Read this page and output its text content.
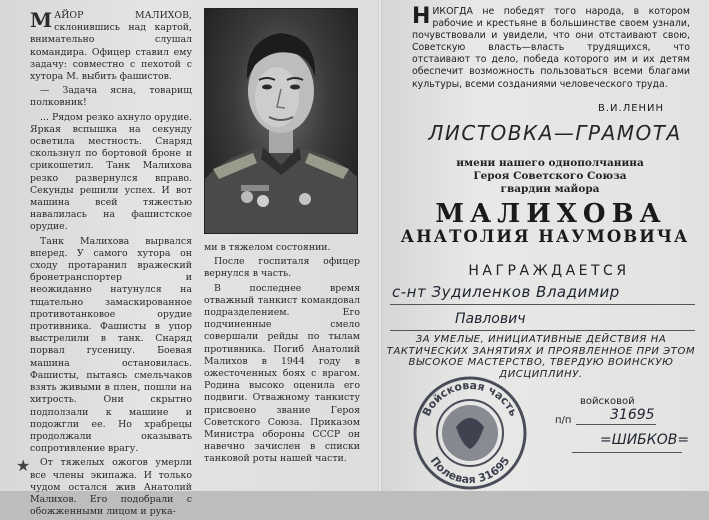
МАЙОР МАЛИХОВ, склонившись над картой, внимательно слушал командира. Офицер ставил ему задачу: совместно с пехотой с хутора М. выбить фашистов.

— Задача ясна, товарищ полковник!

... Рядом резко ахнуло орудие. Яркая вспышка на секунду осветила местность. Снаряд скользнул по бортовой броне и срикошетил. Танк Малихова резко развернулся вправо. Секунды решили успех. И вот машина всей тяжестью навалилась на фашистское орудие.

Танк Малихова вырвался вперед. У самого хутора он сходу протаранил вражеский бронетранспортер и неожиданно натунулся на тщательно замаскированное противотанковое орудие противника. Фашисты в упор выстрелили в танк. Снаряд порвал гусеницу. Боевая машина остановилась. Фашисты, пытаясь смельчаков взять живыми в плен, пошли на хитрость. Они скрытно подползали к машине и подожгли ее. Но храбрецы продолжали оказывать сопротивление врагу.

От тяжелых ожогов умерли все члены экипажа. И только чудом остался жив Анатолий Малихов. Его подобрали с обожженными лицом и рука-

ми в тяжелом состоянии.

После госпиталя офицер вернулся в часть.

В последнее время отважный танкист командовал подразделением. Его подчиненные смело совершали рейды по тылам противника. Погиб Анатолий Малихов в 1944 году в ожесточенных боях с врагом. Родина высоко оценила его подвиги. Отважному танкисту присвоено звание Героя Советского Союза. Приказом Министра обороны СССР он навечно зачислен в списки танковой роты нашей части.

★
НИКОГДА не победят того народа, в котором рабочие и крестьяне в большинстве своем узнали, почувствовали и увидели, что они отстаивают свою, Советскую власть—власть трудящихся, что отстаивают то дело, победа которого им и их детям обеспечит возможность пользоваться всеми благами культуры, всеми созданиями человеческого труда.
В.И.ЛЕНИН
ЛИСТОВКА—ГРАМОТА
имени нашего однополчанина
Героя Советского Союза
гвардии майора
МАЛИХОВА
АНАТОЛИЯ НАУМОВИЧА
НАГРАЖДАЕТСЯ
с-нт Зудиленков Владимир
Павлович
ЗА УМЕЛЫЕ, ИНИЦИАТИВНЫЕ ДЕЙСТВИЯ НА ТАКТИЧЕСКИХ ЗАНЯТИЯХ И ПРОЯВЛЕННОЕ ПРИ ЭТОМ ВЫСОКОЕ МАСТЕРСТВО, ТВЕРДУЮ ВОИНСКУЮ ДИСЦИПЛИНУ.
войсковой
п/п	31695
=ШИБКОВ=
Войсковая часть
Полевая 31695
